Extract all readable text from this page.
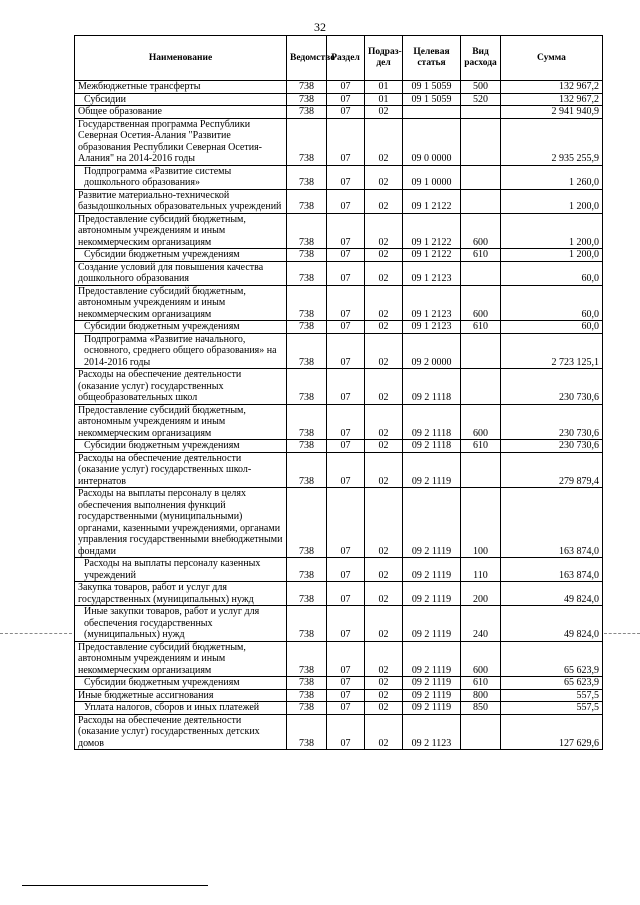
32
Наименование	Ведомство	Раздел	Подраз-дел	Целевая статья	Вид расхода	Сумма
Межбюджетные трансферты	738	07	01	09 1 5059	500	132 967,2
Субсидии	738	07	01	09 1 5059	520	132 967,2
Общее образование	738	07	02			2 941 940,9
Государственная программа Республики Северная Осетия-Алания "Развитие образования Республики Северная Осетия-Алания" на 2014-2016 годы	738	07	02	09 0 0000		2 935 255,9
Подпрограмма «Развитие системы дошкольного образования»	738	07	02	09 1 0000		1 260,0
Развитие материально-технической базыдошкольных образовательных учреждений	738	07	02	09 1 2122		1 200,0
Предоставление субсидий бюджетным, автономным учреждениям и иным некоммерческим организациям	738	07	02	09 1 2122	600	1 200,0
Субсидии бюджетным учреждениям	738	07	02	09 1 2122	610	1 200,0
Создание условий для повышения качества дошкольного образования	738	07	02	09 1 2123		60,0
Предоставление субсидий бюджетным, автономным учреждениям и иным некоммерческим организациям	738	07	02	09 1 2123	600	60,0
Субсидии бюджетным учреждениям	738	07	02	09 1 2123	610	60,0
Подпрограмма «Развитие начального, основного, среднего общего образования» на 2014-2016 годы	738	07	02	09 2 0000		2 723 125,1
Расходы на обеспечение деятельности (оказание услуг) государственных общеобразовательных школ	738	07	02	09 2 1118		230 730,6
Предоставление субсидий бюджетным, автономным учреждениям и иным некоммерческим организациям	738	07	02	09 2 1118	600	230 730,6
Субсидии бюджетным учреждениям	738	07	02	09 2 1118	610	230 730,6
Расходы на обеспечение деятельности (оказание услуг) государственных школ-интернатов	738	07	02	09 2 1119		279 879,4
Расходы на выплаты персоналу в целях обеспечения выполнения функций государственными (муниципальными) органами, казенными учреждениями, органами управления государственными внебюджетными фондами	738	07	02	09 2 1119	100	163 874,0
Расходы на выплаты персоналу казенных учреждений	738	07	02	09 2 1119	110	163 874,0
Закупка товаров, работ и услуг для государственных (муниципальных) нужд	738	07	02	09 2 1119	200	49 824,0
Иные закупки товаров, работ и услуг для обеспечения государственных (муниципальных) нужд	738	07	02	09 2 1119	240	49 824,0
Предоставление субсидий бюджетным, автономным учреждениям и иным некоммерческим организациям	738	07	02	09 2 1119	600	65 623,9
Субсидии бюджетным учреждениям	738	07	02	09 2 1119	610	65 623,9
Иные бюджетные ассигнования	738	07	02	09 2 1119	800	557,5
Уплата налогов, сборов и иных платежей	738	07	02	09 2 1119	850	557,5
Расходы на обеспечение деятельности (оказание услуг) государственных детских домов	738	07	02	09 2 1123		127 629,6
